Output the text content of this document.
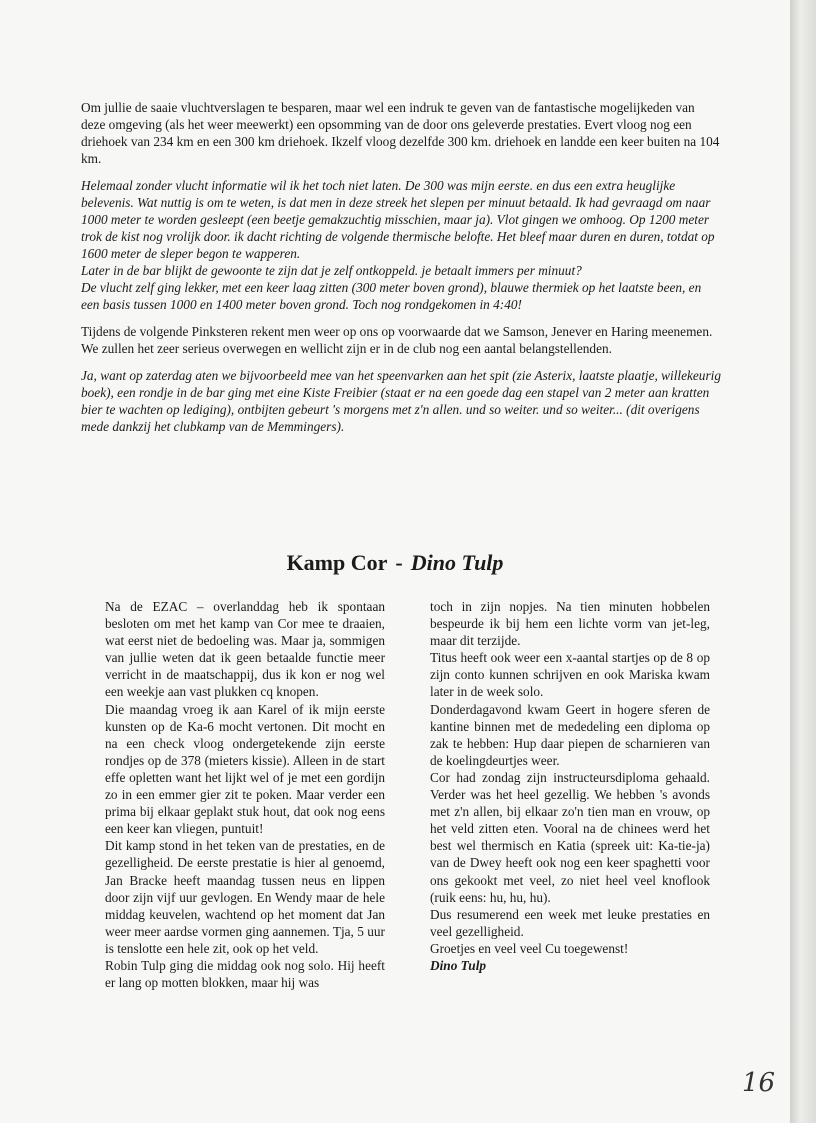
Om jullie de saaie vluchtverslagen te besparen, maar wel een indruk te geven van de fantastische mogelijkeden van deze omgeving (als het weer meewerkt) een opsomming van de door ons geleverde prestaties. Evert vloog nog een driehoek van 234 km en een 300 km driehoek. Ikzelf vloog dezelfde 300 km. driehoek en landde een keer buiten na 104 km.

Helemaal zonder vlucht informatie wil ik het toch niet laten. De 300 was mijn eerste. en dus een extra heuglijke belevenis. Wat nuttig is om te weten, is dat men in deze streek het slepen per minuut betaald. Ik had gevraagd om naar 1000 meter te worden gesleept (een beetje gemakzuchtig misschien, maar ja). Vlot gingen we omhoog. Op 1200 meter trok de kist nog vrolijk door. ik dacht richting de volgende thermische belofte. Het bleef maar duren en duren, totdat op 1600 meter de sleper begon te wapperen.
Later in de bar blijkt de gewoonte te zijn dat je zelf ontkoppeld. je betaalt immers per minuut?
De vlucht zelf ging lekker, met een keer laag zitten (300 meter boven grond), blauwe thermiek op het laatste been, en een basis tussen 1000 en 1400 meter boven grond. Toch nog rondgekomen in 4:40!

Tijdens de volgende Pinksteren rekent men weer op ons op voorwaarde dat we Samson, Jenever en Haring meenemen. We zullen het zeer serieus overwegen en wellicht zijn er in de club nog een aantal belangstellenden.

Ja, want op zaterdag aten we bijvoorbeeld mee van het speenvarken aan het spit (zie Asterix, laatste plaatje, willekeurig boek), een rondje in de bar ging met eine Kiste Freibier (staat er na een goede dag een stapel van 2 meter aan kratten bier te wachten op lediging), ontbijten gebeurt 's morgens met z'n allen. und so weiter. und so weiter... (dit overigens mede dankzij het clubkamp van de Memmingers).

Kamp Cor - Dino Tulp

Na de EZAC – overlanddag heb ik spontaan besloten om met het kamp van Cor mee te draaien, wat eerst niet de bedoeling was. Maar ja, sommigen van jullie weten dat ik geen betaalde functie meer verricht in de maatschappij, dus ik kon er nog wel een weekje aan vast plukken cq knopen.

Die maandag vroeg ik aan Karel of ik mijn eerste kunsten op de Ka-6 mocht vertonen. Dit mocht en na een check vloog ondergetekende zijn eerste rondjes op de 378 (mieters kissie). Alleen in de start effe opletten want het lijkt wel of je met een gordijn zo in een emmer gier zit te poken. Maar verder een prima bij elkaar geplakt stuk hout, dat ook nog eens een keer kan vliegen, puntuit!

Dit kamp stond in het teken van de prestaties, en de gezelligheid. De eerste prestatie is hier al genoemd, Jan Bracke heeft maandag tussen neus en lippen door zijn vijf uur gevlogen. En Wendy maar de hele middag keuvelen, wachtend op het moment dat Jan weer meer aardse vormen ging aannemen. Tja, 5 uur is tenslotte een hele zit, ook op het veld.

Robin Tulp ging die middag ook nog solo. Hij heeft er lang op motten blokken, maar hij was

toch in zijn nopjes. Na tien minuten hobbelen bespeurde ik bij hem een lichte vorm van jet-leg, maar dit terzijde.

Titus heeft ook weer een x-aantal startjes op de 8 op zijn conto kunnen schrijven en ook Mariska kwam later in de week solo.

Donderdagavond kwam Geert in hogere sferen de kantine binnen met de mededeling een diploma op zak te hebben: Hup daar piepen de scharnieren van de koelingdeurtjes weer.

Cor had zondag zijn instructeursdiploma gehaald. Verder was het heel gezellig. We hebben 's avonds met z'n allen, bij elkaar zo'n tien man en vrouw, op het veld zitten eten. Vooral na de chinees werd het best wel thermisch en Katia (spreek uit: Ka-tie-ja) van de Dwey heeft ook nog een keer spaghetti voor ons gekookt met veel, zo niet heel veel knoflook (ruik eens: hu, hu, hu).

Dus resumerend een week met leuke prestaties en veel gezelligheid.

Groetjes en veel veel Cu toegewenst!

Dino Tulp

16
